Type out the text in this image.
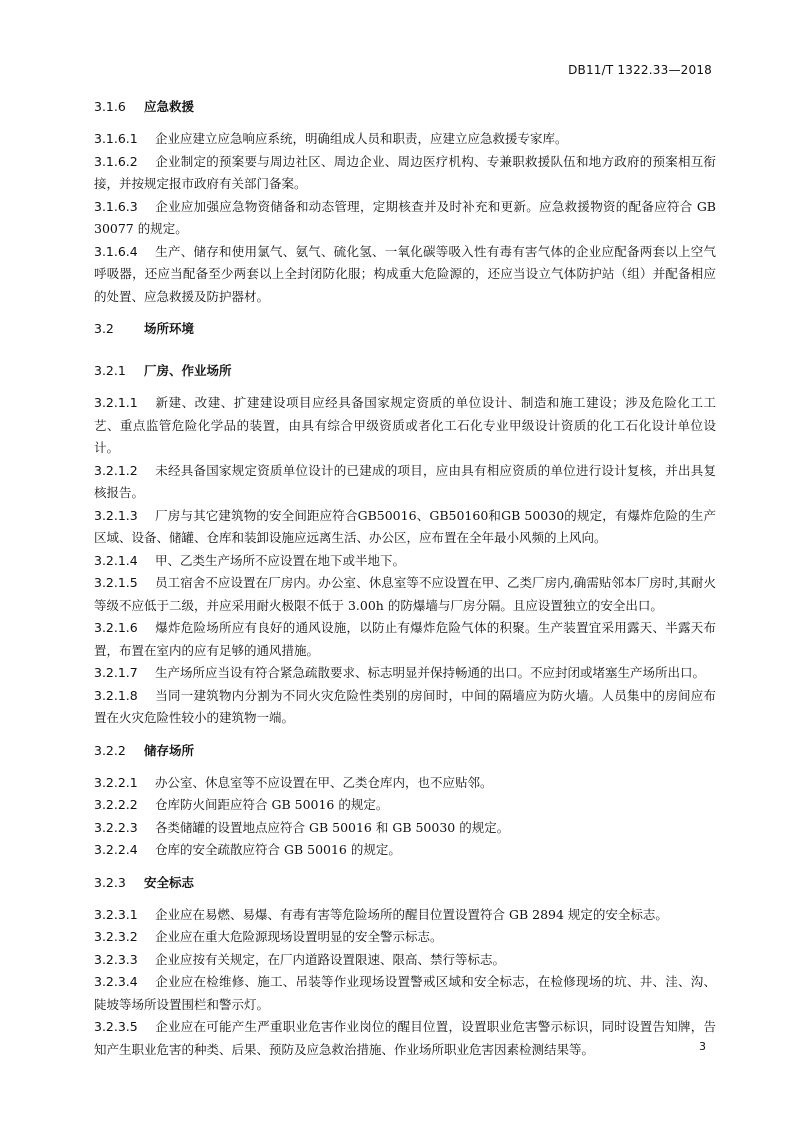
DB11/T 1322.33—2018
3.1.6 应急救援
3.1.6.1 企业应建立应急响应系统，明确组成人员和职责，应建立应急救援专家库。
3.1.6.2 企业制定的预案要与周边社区、周边企业、周边医疗机构、专兼职救援队伍和地方政府的预案相互衔接，并按规定报市政府有关部门备案。
3.1.6.3 企业应加强应急物资储备和动态管理，定期核查并及时补充和更新。应急救援物资的配备应符合 GB 30077 的规定。
3.1.6.4 生产、储存和使用氯气、氨气、硫化氢、一氧化碳等吸入性有毒有害气体的企业应配备两套以上空气呼吸器，还应当配备至少两套以上全封闭防化服；构成重大危险源的，还应当设立气体防护站（组）并配备相应的处置、应急救援及防护器材。
3.2 场所环境
3.2.1 厂房、作业场所
3.2.1.1 新建、改建、扩建建设项目应经具备国家规定资质的单位设计、制造和施工建设；涉及危险化工工艺、重点监管危险化学品的装置，由具有综合甲级资质或者化工石化专业甲级设计资质的化工石化设计单位设计。
3.2.1.2 未经具备国家规定资质单位设计的已建成的项目，应由具有相应资质的单位进行设计复核，并出具复核报告。
3.2.1.3 厂房与其它建筑物的安全间距应符合GB50016、GB50160和GB 50030的规定，有爆炸危险的生产区域、设备、储罐、仓库和装卸设施应远离生活、办公区，应布置在全年最小风频的上风向。
3.2.1.4 甲、乙类生产场所不应设置在地下或半地下。
3.2.1.5 员工宿舍不应设置在厂房内。办公室、休息室等不应设置在甲、乙类厂房内,确需贴邻本厂房时,其耐火等级不应低于二级，并应采用耐火极限不低于 3.00h 的防爆墙与厂房分隔。且应设置独立的安全出口。
3.2.1.6 爆炸危险场所应有良好的通风设施，以防止有爆炸危险气体的积聚。生产装置宜采用露天、半露天布置，布置在室内的应有足够的通风措施。
3.2.1.7 生产场所应当设有符合紧急疏散要求、标志明显并保持畅通的出口。不应封闭或堵塞生产场所出口。
3.2.1.8 当同一建筑物内分割为不同火灾危险性类别的房间时，中间的隔墙应为防火墙。人员集中的房间应布置在火灾危险性较小的建筑物一端。
3.2.2 储存场所
3.2.2.1 办公室、休息室等不应设置在甲、乙类仓库内，也不应贴邻。
3.2.2.2 仓库防火间距应符合 GB 50016 的规定。
3.2.2.3 各类储罐的设置地点应符合 GB 50016 和 GB 50030 的规定。
3.2.2.4 仓库的安全疏散应符合 GB 50016 的规定。
3.2.3 安全标志
3.2.3.1 企业应在易燃、易爆、有毒有害等危险场所的醒目位置设置符合 GB 2894 规定的安全标志。
3.2.3.2 企业应在重大危险源现场设置明显的安全警示标志。
3.2.3.3 企业应按有关规定，在厂内道路设置限速、限高、禁行等标志。
3.2.3.4 企业应在检维修、施工、吊装等作业现场设置警戒区域和安全标志，在检修现场的坑、井、洼、沟、陡坡等场所设置围栏和警示灯。
3.2.3.5 企业应在可能产生严重职业危害作业岗位的醒目位置，设置职业危害警示标识，同时设置告知牌，告知产生职业危害的种类、后果、预防及应急救治措施、作业场所职业危害因素检测结果等。	3
